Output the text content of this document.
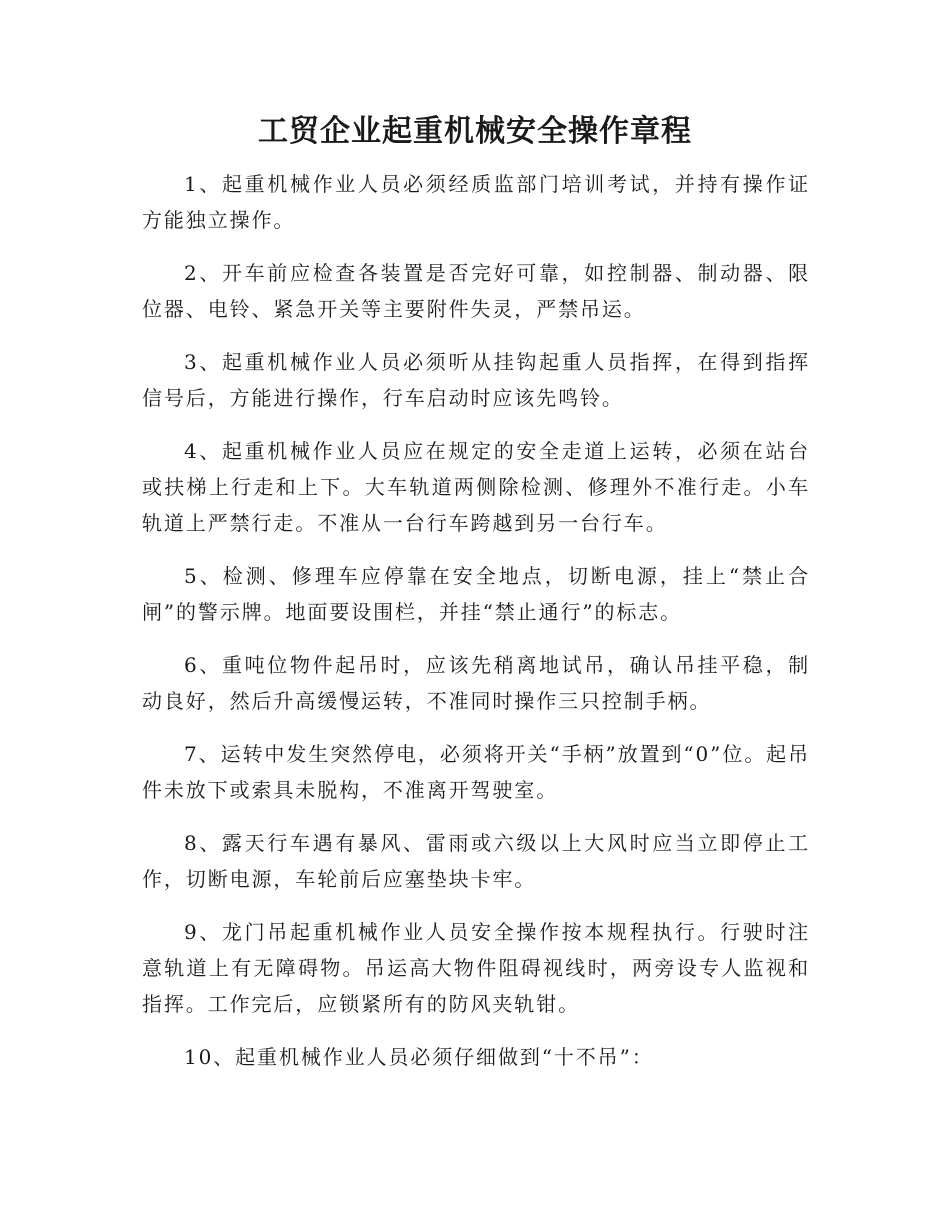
工贸企业起重机械安全操作章程

1、起重机械作业人员必须经质监部门培训考试，并持有操作证方能独立操作。

2、开车前应检查各装置是否完好可靠，如控制器、制动器、限位器、电铃、紧急开关等主要附件失灵，严禁吊运。

3、起重机械作业人员必须听从挂钩起重人员指挥，在得到指挥信号后，方能进行操作，行车启动时应该先鸣铃。

4、起重机械作业人员应在规定的安全走道上运转，必须在站台或扶梯上行走和上下。大车轨道两侧除检测、修理外不准行走。小车轨道上严禁行走。不准从一台行车跨越到另一台行车。

5、检测、修理车应停靠在安全地点，切断电源，挂上“禁止合闸”的警示牌。地面要设围栏，并挂“禁止通行”的标志。

6、重吨位物件起吊时，应该先稍离地试吊，确认吊挂平稳，制动良好，然后升高缓慢运转，不准同时操作三只控制手柄。

7、运转中发生突然停电，必须将开关“手柄”放置到“0”位。起吊件未放下或索具未脱构，不准离开驾驶室。

8、露天行车遇有暴风、雷雨或六级以上大风时应当立即停止工作，切断电源，车轮前后应塞垫块卡牢。

9、龙门吊起重机械作业人员安全操作按本规程执行。行驶时注意轨道上有无障碍物。吊运高大物件阻碍视线时，两旁设专人监视和指挥。工作完后，应锁紧所有的防风夹轨钳。

10、起重机械作业人员必须仔细做到“十不吊”：
